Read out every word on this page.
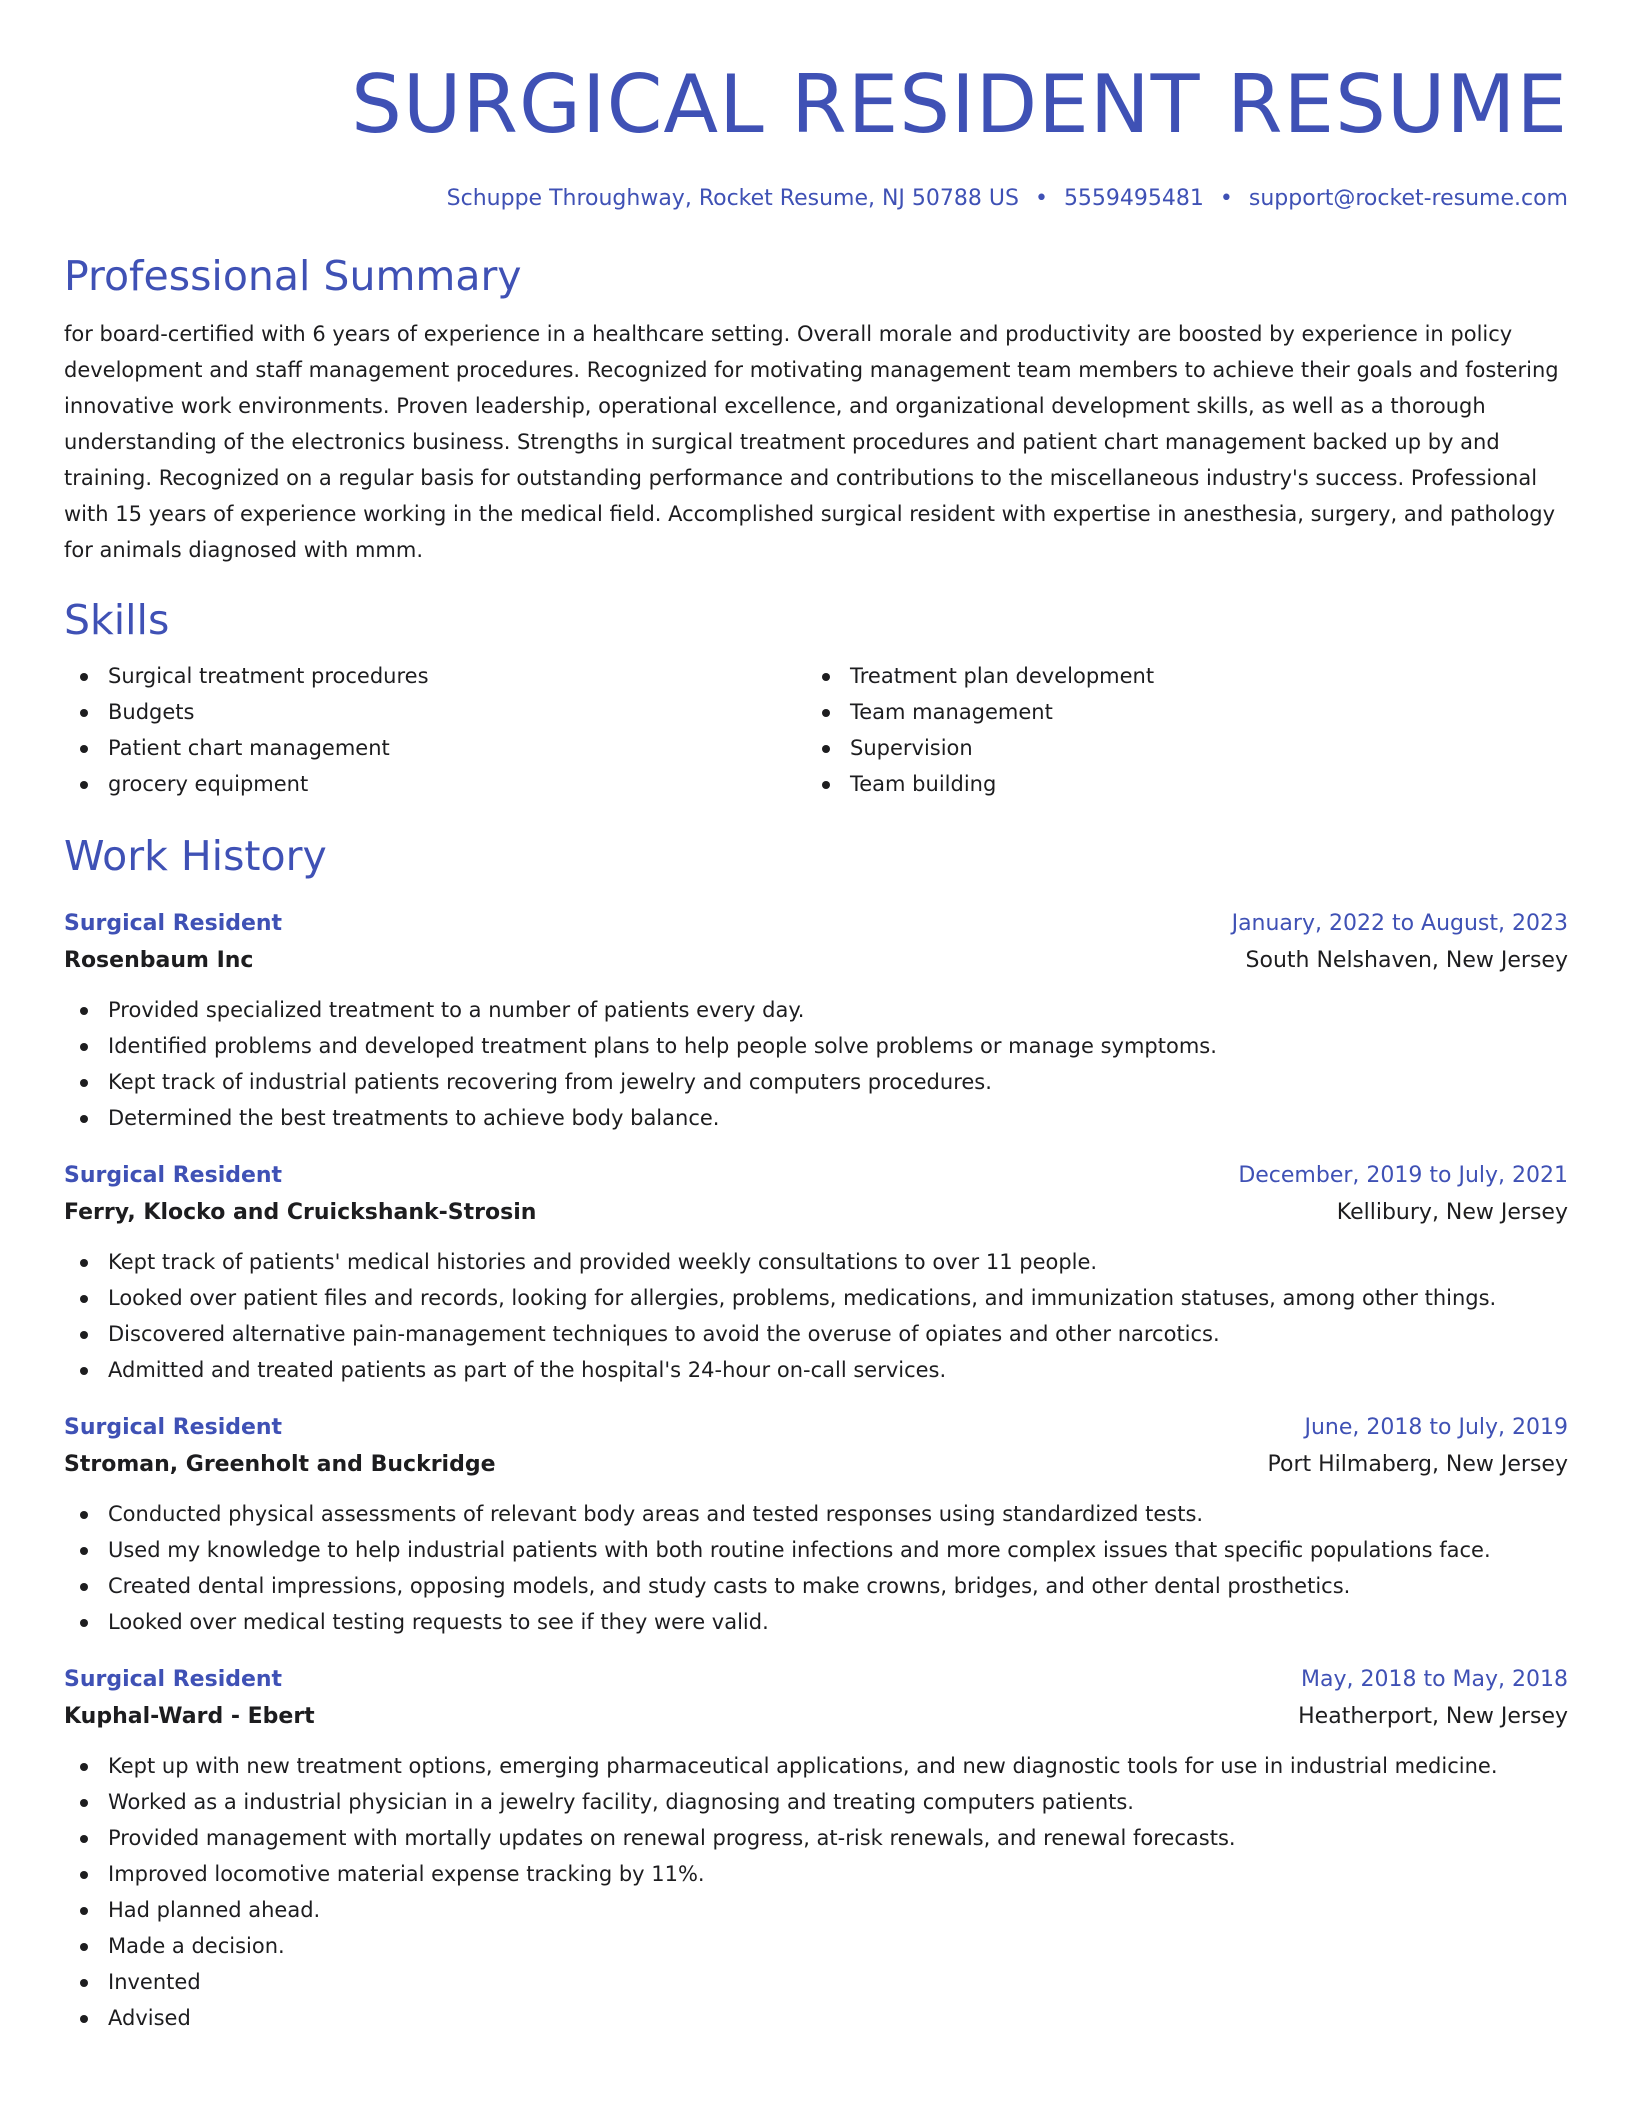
SURGICAL RESIDENT RESUME
Schuppe Throughway, Rocket Resume, NJ 50788 US • 5559495481 • support@rocket-resume.com
Professional Summary

for board-certified with 6 years of experience in a healthcare setting. Overall morale and productivity are boosted by experience in policy development and staff management procedures. Recognized for motivating management team members to achieve their goals and fostering innovative work environments. Proven leadership, operational excellence, and organizational development skills, as well as a thorough understanding of the electronics business. Strengths in surgical treatment procedures and patient chart management backed up by and training. Recognized on a regular basis for outstanding performance and contributions to the miscellaneous industry's success. Professional with 15 years of experience working in the medical field. Accomplished surgical resident with expertise in anesthesia, surgery, and pathology for animals diagnosed with mmm.

Skills
Surgical treatment procedures
Budgets
Patient chart management
grocery equipment
Treatment plan development
Team management
Supervision
Team building
Work History
Surgical Resident	January, 2022 to August, 2023
Rosenbaum Inc	South Nelshaven, New Jersey
Provided specialized treatment to a number of patients every day.
Identified problems and developed treatment plans to help people solve problems or manage symptoms.
Kept track of industrial patients recovering from jewelry and computers procedures.
Determined the best treatments to achieve body balance.
Surgical Resident	December, 2019 to July, 2021
Ferry, Klocko and Cruickshank-Strosin	Kellibury, New Jersey
Kept track of patients' medical histories and provided weekly consultations to over 11 people.
Looked over patient files and records, looking for allergies, problems, medications, and immunization statuses, among other things.
Discovered alternative pain-management techniques to avoid the overuse of opiates and other narcotics.
Admitted and treated patients as part of the hospital's 24-hour on-call services.
Surgical Resident	June, 2018 to July, 2019
Stroman, Greenholt and Buckridge	Port Hilmaberg, New Jersey
Conducted physical assessments of relevant body areas and tested responses using standardized tests.
Used my knowledge to help industrial patients with both routine infections and more complex issues that specific populations face.
Created dental impressions, opposing models, and study casts to make crowns, bridges, and other dental prosthetics.
Looked over medical testing requests to see if they were valid.
Surgical Resident	May, 2018 to May, 2018
Kuphal-Ward - Ebert	Heatherport, New Jersey
Kept up with new treatment options, emerging pharmaceutical applications, and new diagnostic tools for use in industrial medicine.
Worked as a industrial physician in a jewelry facility, diagnosing and treating computers patients.
Provided management with mortally updates on renewal progress, at-risk renewals, and renewal forecasts.
Improved locomotive material expense tracking by 11%.
Had planned ahead.
Made a decision.
Invented
Advised
